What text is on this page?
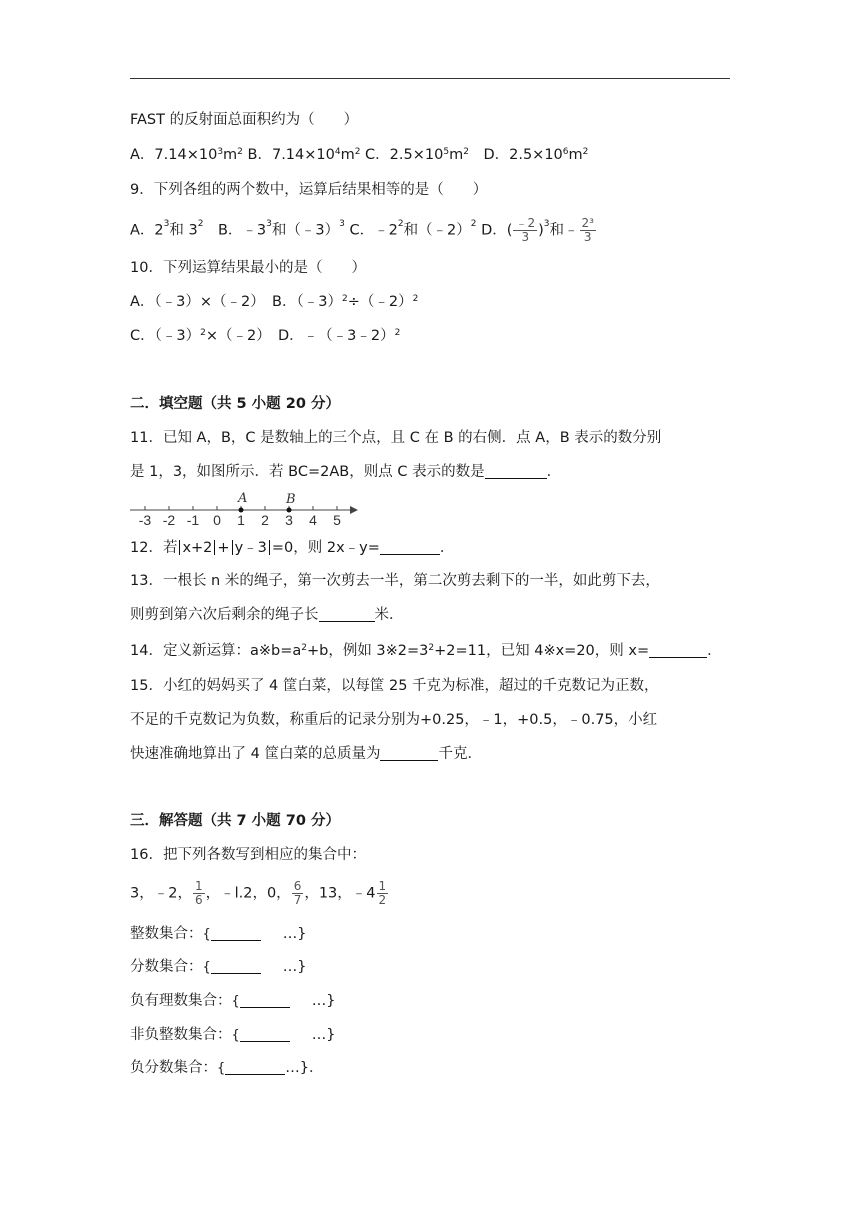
FAST 的反射面总面积约为（　　）
A．$7.14\times 10^3m^2$ B．$7.14\times 10^4m^2$ C．$2.5\times 10^5m^2$　D．$2.5\times 10^6m^2$
9．下列各组的两个数中，运算后结果相等的是（　　）
A．$2^3$和 $3^2$　B．$﹣3^3$和（﹣3）$^3$ C．$﹣2^2$和（﹣2）$^2$ D．( $\frac{﹣2}{3} )^3$和﹣ $\frac{\text{2³}}{3}$
10．下列运算结果最小的是（　　）
A．（﹣3）×（﹣2）　B．（﹣3）$^2$÷（﹣2）$^2$
C．（﹣3）$^2$×（﹣2）　D．﹣（﹣3﹣2）$^2$
二．填空题（共 5 小题 20 分）
11．已知 A，B，C 是数轴上的三个点，且 C 在 B 的右侧．点 A，B 表示的数分别
是 1，3，如图所示．若 BC=2AB，则点 C 表示的数是	．
-3 -2 -1 0 1 2 3 4 5
A	B
12．若 x+2 + y﹣3 =0，则 2x﹣y=	．
13．一根长 n 米的绳子，第一次剪去一半，第二次剪去剩下的一半，如此剪下去，
则剪到第六次后剩余的绳子长	米．
14．定义新运算：$a※b=a^2+b$，例如 $3※2=3^2+2=11$，已知 4※x=20，则 x=	．
15．小红的妈妈买了 4 筐白菜，以每筐 25 千克为标准，超过的千克数记为正数，
不足的千克数记为负数，称重后的记录分别为+0.25，﹣1，+0.5，﹣0.75，小红
快速准确地算出了 4 筐白菜的总质量为	千克．
三．解答题（共 7 小题 70 分）
16．把下列各数写到相应的集合中：
3，﹣2， $\frac{1}{6}$ ，﹣l.2，0， $\frac{6}{7}$ ，13，﹣4 $\frac{1}{2}$
整数集合：{	…}
分数集合：{	…}
负有理数集合：{	…}
非负整数集合：{	…}
负分数集合：{	…}．
